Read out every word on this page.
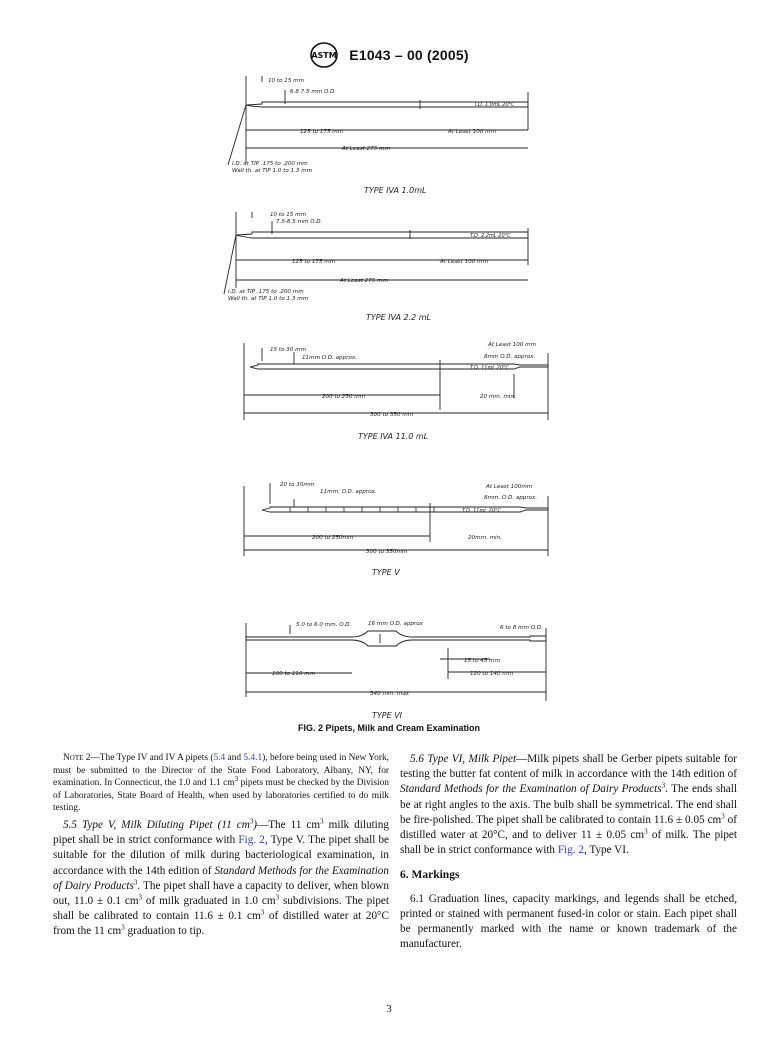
ASTM E1043 – 00 (2005)
10 to 15 mm
6.8 7.5 mm O.D.
T.D. 1.0mL 20°C
125 to 175 mm	At Least 100 mm
At Least 275 mm
I.D. at TIP .175 to .200 mm
Wall th. at TIP 1.0 to 1.3 mm
TYPE IVA 1.0mL
10 to 15 mm
7.5-8.5 mm O.D.
T.D. 2.2mL 20°C
125 to 175 mm	At Least 100 mm
At Least 275 mm
I.D. at TIP .175 to .200 mm
Wall th. at TIP 1.0 to 1.3 mm
TYPE IVA 2.2 mL
15 to 30 mm
11mm O.D. approx.
At Least 100 mm
8mm O.D. approx.
T.D. 11mL 20°C
200 to 250 mm	20 mm. min.
300 to 350 mm
TYPE IVA 11.0 mL
20 to 30mm
11mm. O.D. approx.
At Least 100mm
8mm. O.D. approx.
T.D. 11mL 20°C
200 to 250mm	20mm. min.
300 to 350mm
TYPE V
5.0 to 6.0 mm. O.D.	16 mm O.D. approx
6 to 8 mm O.D.
15 to 45 mm
120 to 140 mm
100 to 110 mm
340 mm. max
TYPE VI
FIG. 2 Pipets, Milk and Cream Examination

Note 2—The Type IV and IV A pipets (5.4 and 5.4.1), before being used in New York, must be submitted to the Director of the State Food Laboratory, Albany, NY, for examination. In Connecticut, the 1.0 and 1.1 $cm^3$ pipets must be checked by the Division of Laboratories, State Board of Health, when used by laboratories certified to do milk testing.

5.5 Type V, Milk Diluting Pipet (11 $cm^3)—The$ 11 $cm^3$ milk diluting pipet shall be in strict conformance with Fig. 2, Type V. The pipet shall be suitable for the dilution of milk during bacteriological examination, in accordance with the 14th edition of Standard Methods for the Examination of Dairy Products$^3$. The pipet shall have a capacity to deliver, when blown out, 11.0 ± 0.1 $cm^3$ of milk graduated in 1.0 $cm^3$ subdivisions. The pipet shall be calibrated to contain 11.6 ± 0.1 $cm^3$ of distilled water at 20°C from the 11 $cm^3$ graduation to tip.

5.6 Type VI, Milk Pipet—Milk pipets shall be Gerber pipets suitable for testing the butter fat content of milk in accordance with the 14th edition of Standard Methods for the Examination of Dairy Products$^3$. The ends shall be at right angles to the axis. The bulb shall be symmetrical. The end shall be fire-polished. The pipet shall be calibrated to contain 11.6 ± 0.05 $cm^3$ of distilled water at 20°C, and to deliver 11 ± 0.05 $cm^3$ of milk. The pipet shall be in strict conformance with Fig. 2, Type VI.

6. Markings

6.1 Graduation lines, capacity markings, and legends shall be etched, printed or stained with permanent fused-in color or stain. Each pipet shall be permanently marked with the name or known trademark of the manufacturer.

3
